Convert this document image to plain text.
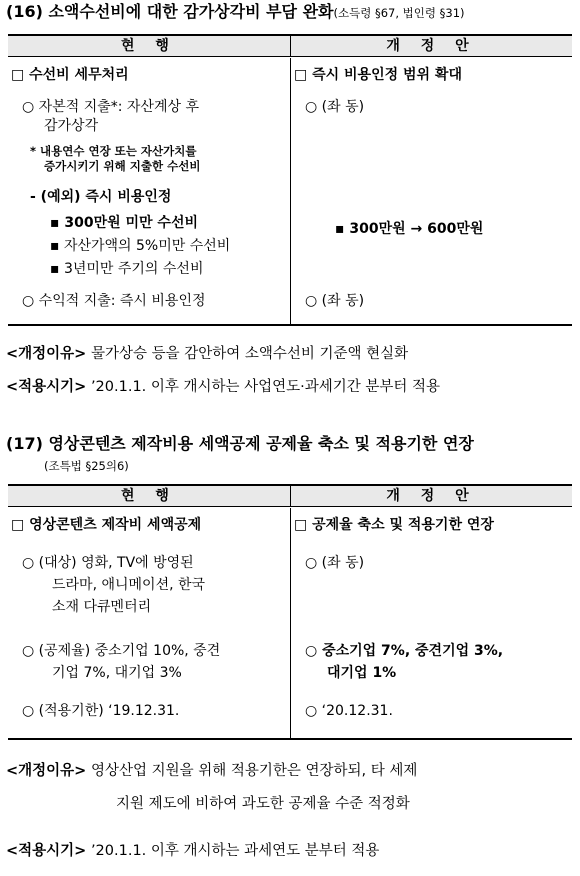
(16) 소액수선비에 대한 감가상각비 부담 완화(소득령 §67, 법인령 §31)
현 행	개 정 안
□ 수선비 세무처리
○ 자본적 지출*: 자산계상 후
감가상각
* 내용연수 연장 또는 자산가치를
증가시키기 위해 지출한 수선비
- (예외) 즉시 비용인정
▪ 300만원 미만 수선비
▪ 자산가액의 5%미만 수선비
▪ 3년미만 주기의 수선비
○ 수익적 지출: 즉시 비용인정
□ 즉시 비용인정 범위 확대
○ (좌 동)
▪ 300만원 → 600만원
○ (좌 동)
<개정이유> 물가상승 등을 감안하여 소액수선비 기준액 현실화
<적용시기> ’20.1.1. 이후 개시하는 사업연도·과세기간 분부터 적용
(17) 영상콘텐츠 제작비용 세액공제 공제율 축소 및 적용기한 연장
(조특법 §25의6)
현 행	개 정 안
□ 영상콘텐츠 제작비 세액공제
○ (대상) 영화, TV에 방영된
드라마, 애니메이션, 한국
소재 다큐멘터리
○ (공제율) 중소기업 10%, 중견
기업 7%, 대기업 3%
○ (적용기한) ‘19.12.31.
□ 공제율 축소 및 적용기한 연장
○ (좌 동)
○ 중소기업 7%, 중견기업 3%,
대기업 1%
○ ‘20.12.31.
<개정이유> 영상산업 지원을 위해 적용기한은 연장하되, 타 세제
지원 제도에 비하여 과도한 공제율 수준 적정화
<적용시기> ’20.1.1. 이후 개시하는 과세연도 분부터 적용
